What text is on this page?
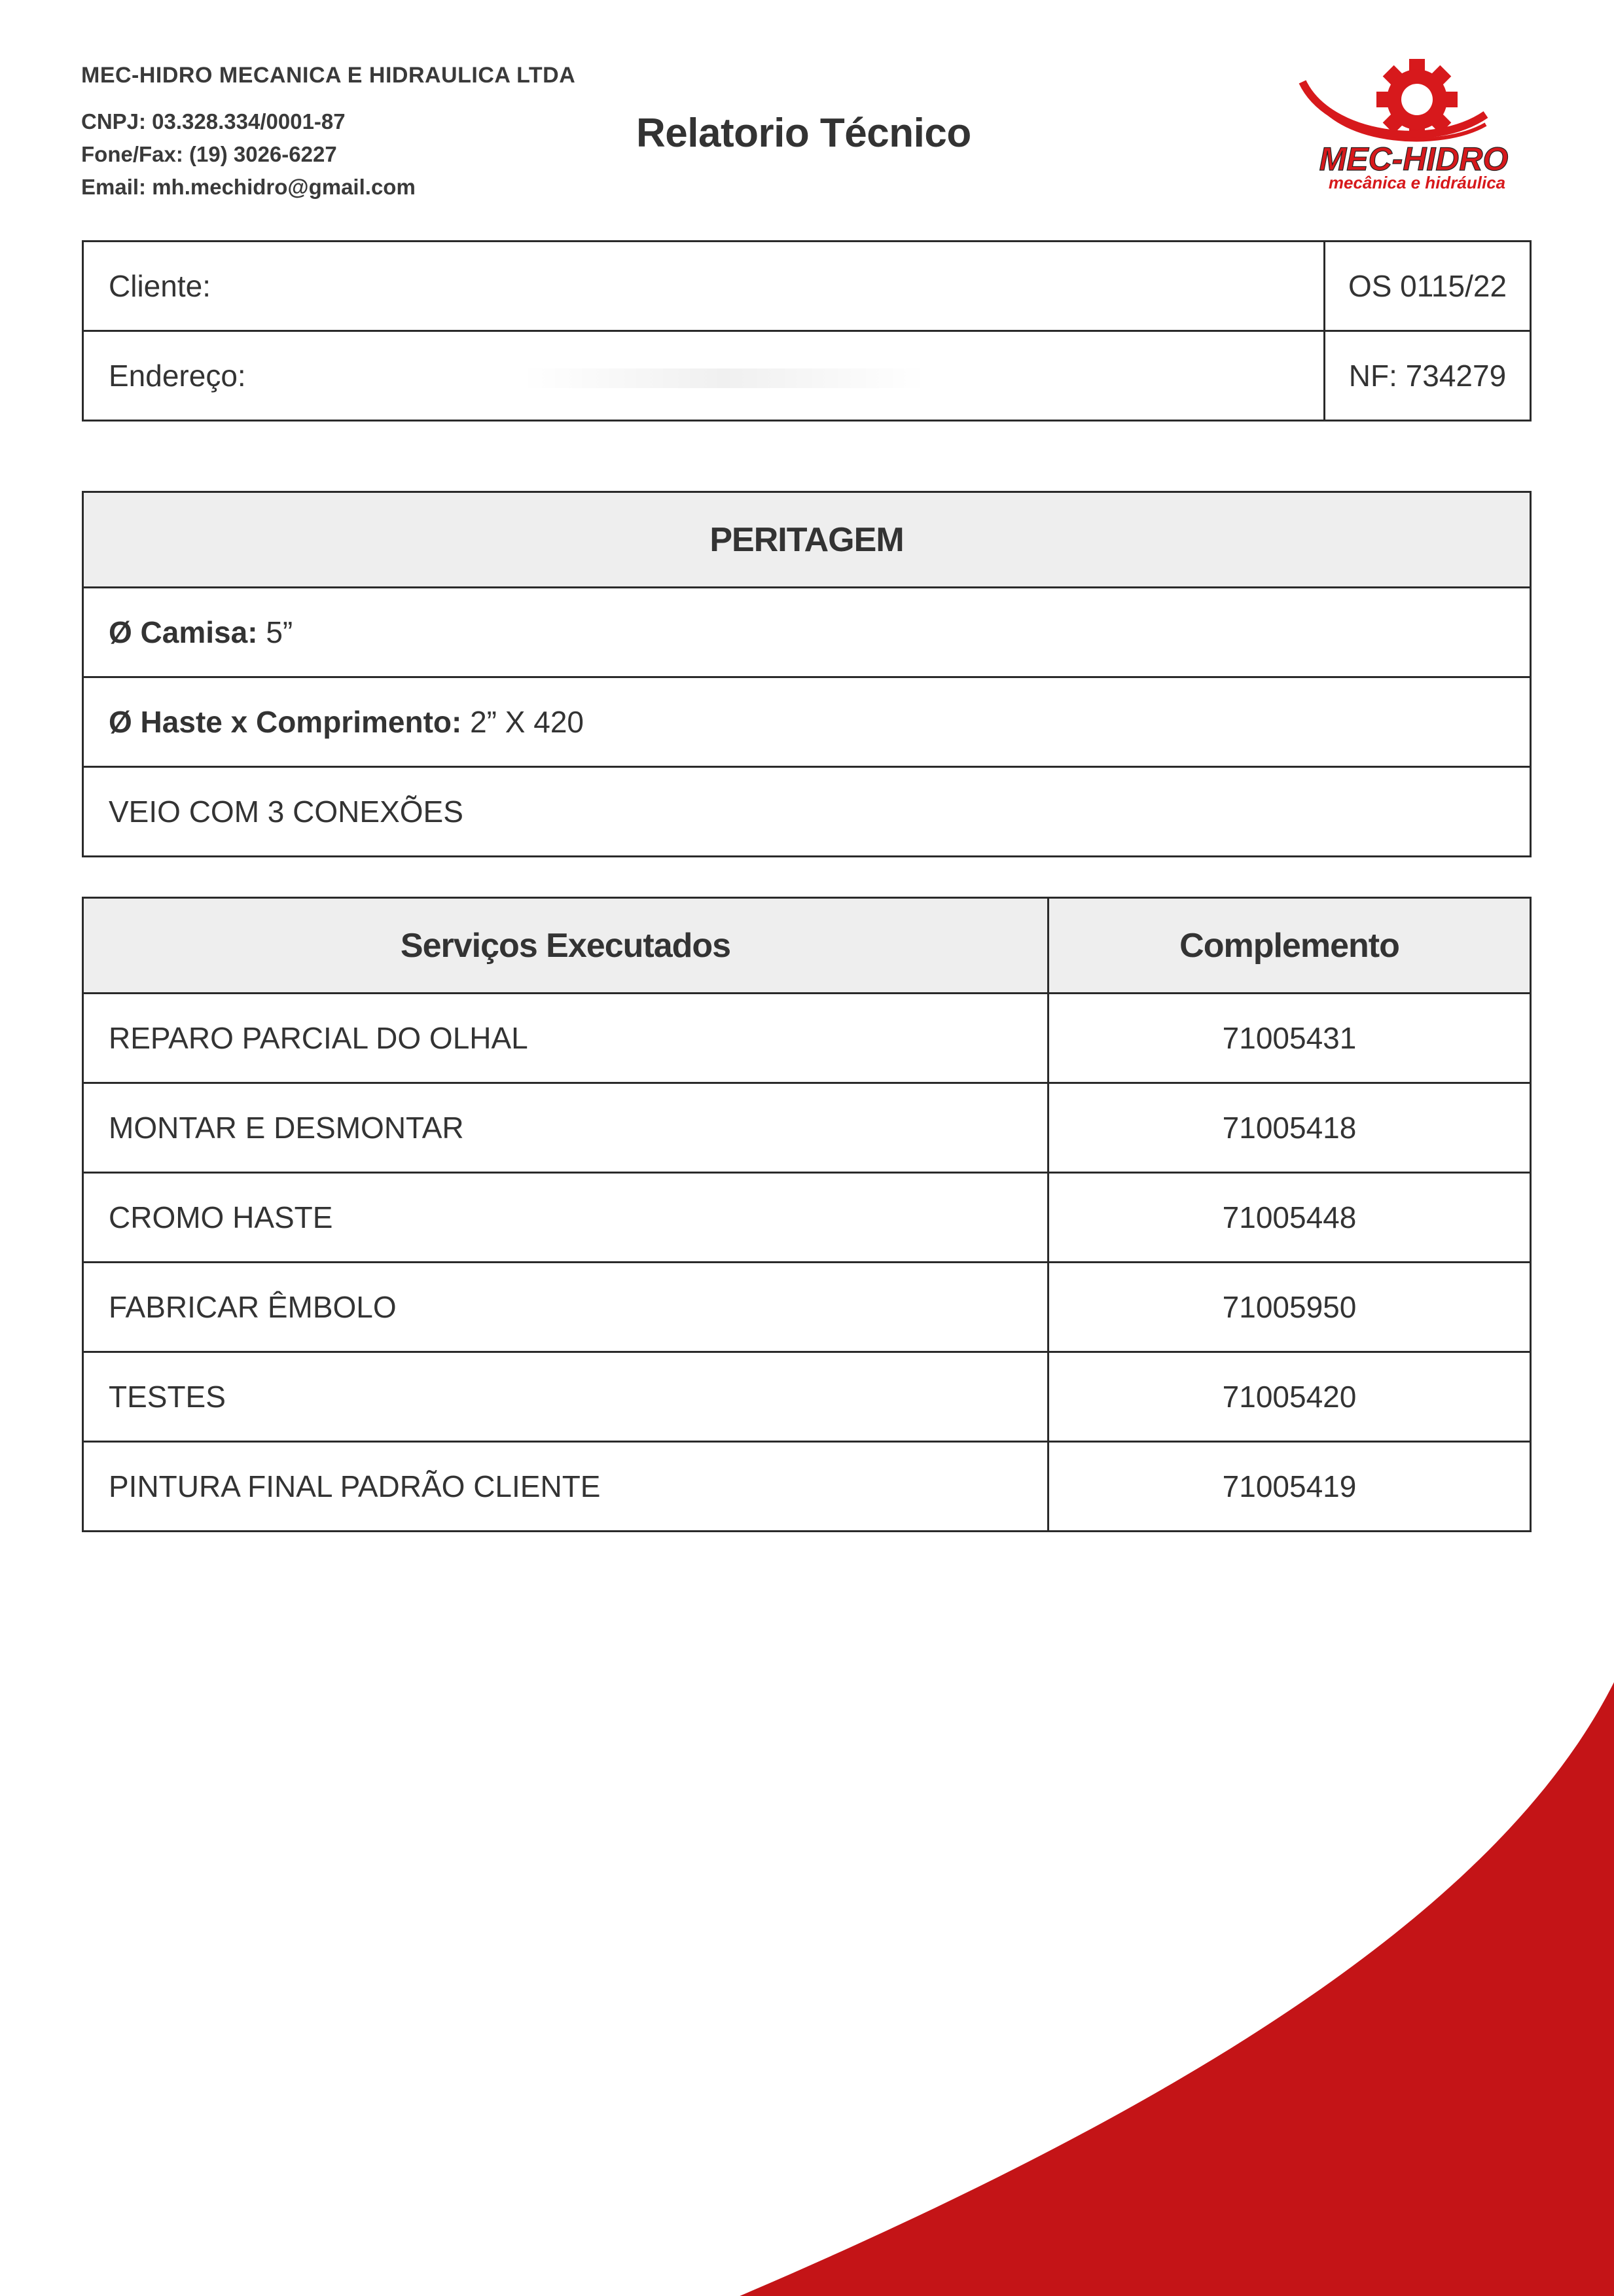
MEC-HIDRO MECANICA E HIDRAULICA LTDA
CNPJ: 03.328.334/0001-87
Fone/Fax: (19) 3026-6227
Email: mh.mechidro@gmail.com
Relatorio Técnico
MEC-HIDRO
mecânica e hidráulica
Cliente:	OS 0115/22
Endereço:	NF: 734279
PERITAGEM
Ø Camisa: 5”
Ø Haste x Comprimento: 2” X 420
VEIO COM 3 CONEXÕES
Serviços Executados	Complemento
REPARO PARCIAL DO OLHAL	71005431
MONTAR E DESMONTAR	71005418
CROMO HASTE	71005448
FABRICAR ÊMBOLO	71005950
TESTES	71005420
PINTURA FINAL PADRÃO CLIENTE	71005419
